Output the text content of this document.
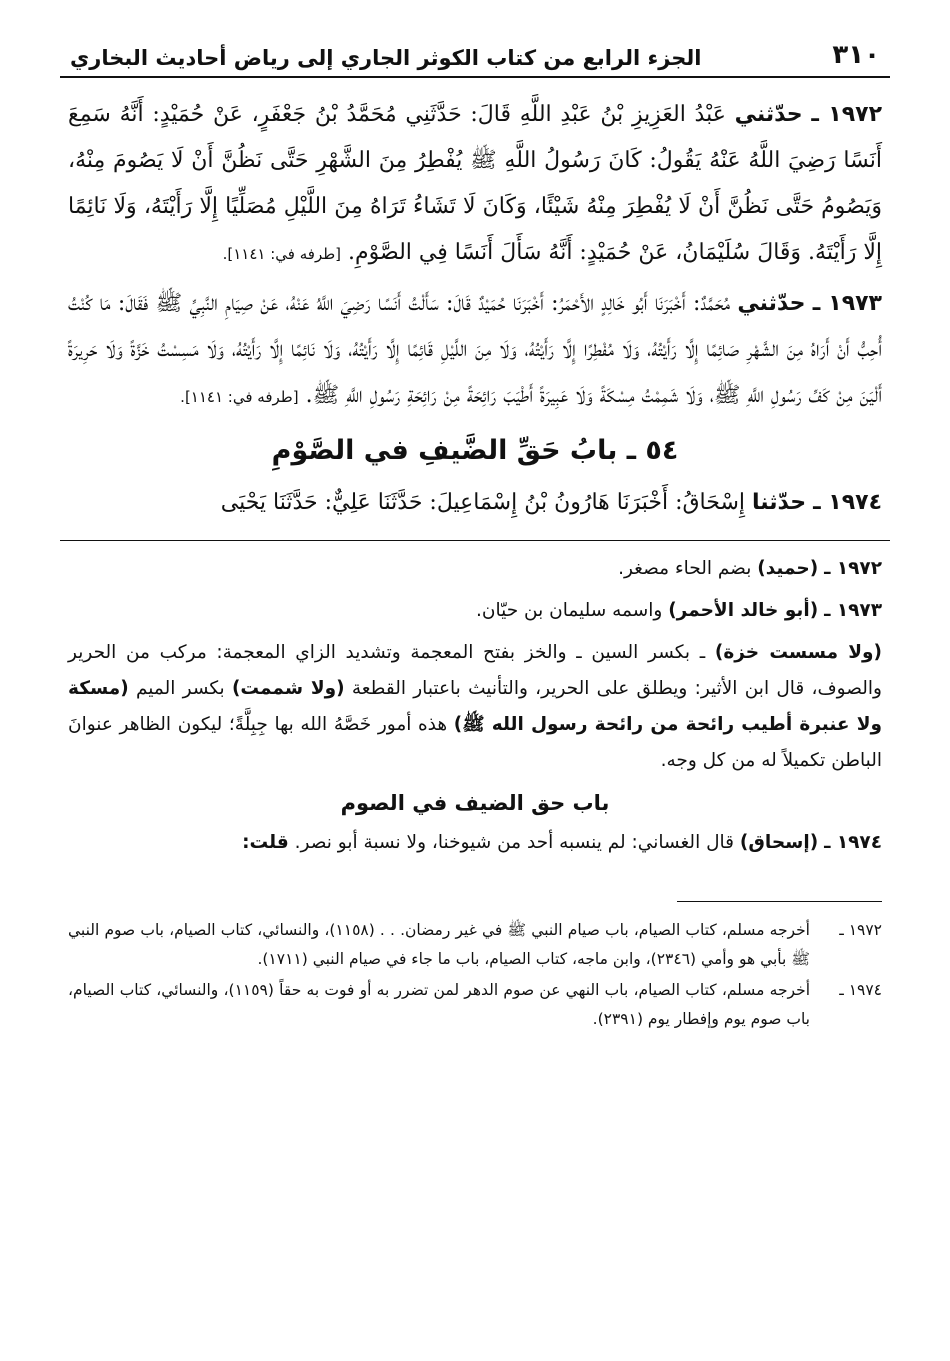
٣١٠
الجزء الرابع من كتاب الكوثر الجاري إلى رياض أحاديث البخاري

١٩٧٢ ـ حدّثني عَبْدُ العَزِيزِ بْنُ عَبْدِ اللَّهِ قَالَ: حَدَّثَنِي مُحَمَّدُ بْنُ جَعْفَرٍ، عَنْ حُمَيْدٍ: أَنَّهُ سَمِعَ أَنَسًا رَضِيَ اللَّهُ عَنْهُ يَقُولُ: كَانَ رَسُولُ اللَّهِ ﷺ يُفْطِرُ مِنَ الشَّهْرِ حَتَّى نَظُنَّ أَنْ لَا يَصُومَ مِنْهُ، وَيَصُومُ حَتَّى نَظُنَّ أَنْ لَا يُفْطِرَ مِنْهُ شَيْئًا، وَكَانَ لَا تَشَاءُ تَرَاهُ مِنَ اللَّيْلِ مُصَلِّيًا إِلَّا رَأَيْتَهُ، وَلَا نَائِمًا إِلَّا رَأَيْتَهُ. وَقَالَ سُلَيْمَانُ، عَنْ حُمَيْدٍ: أَنَّهُ سَأَلَ أَنَسًا فِي الصَّوْمِ. [طرفه في: ١١٤١].

١٩٧٣ ـ حدّثني مُحَمَّدٌ: أَخْبَرَنَا أَبُو خَالِدٍ الأَحْمَرُ: أَخْبَرَنَا حُمَيْدٌ قَالَ: سَأَلْتُ أَنَسًا رَضِيَ اللَّهُ عَنْهُ، عَنْ صِيَامِ النَّبِيِّ ﷺ فَقَالَ: مَا كُنْتُ أُحِبُّ أَنْ أَرَاهُ مِنَ الشَّهْرِ صَائِمًا إِلَّا رَأَيْتُهُ، وَلَا مُفْطِرًا إِلَّا رَأَيْتُهُ، وَلَا مِنَ اللَّيْلِ قَائِمًا إِلَّا رَأَيْتُهُ، وَلَا نَائِمًا إِلَّا رَأَيْتُهُ، وَلَا مَسِسْتُ خَزَّةً وَلَا حَرِيرَةً أَلْيَنَ مِنْ كَفِّ رَسُولِ اللَّهِ ﷺ، وَلَا شَمِمْتُ مِسْكَةً وَلَا عَبِيرَةً أَطْيَبَ رَائِحَةً مِنْ رَائِحَةِ رَسُولِ اللَّهِ ﷺ. [طرفه في: ١١٤١].

٥٤ ـ بابُ حَقِّ الضَّيفِ في الصَّوْمِ

١٩٧٤ ـ حدّثنا إِسْحَاقُ: أَخْبَرَنَا هَارُونُ بْنُ إِسْمَاعِيلَ: حَدَّثَنَا عَلِيٌّ: حَدَّثَنَا يَحْيَى

١٩٧٢ ـ (حميد) بضم الحاء مصغر.

١٩٧٣ ـ (أبو خالد الأحمر) واسمه سليمان بن حيّان.

(ولا مسست خزة) ـ بكسر السين ـ والخز بفتح المعجمة وتشديد الزاي المعجمة: مركب من الحرير والصوف، قال ابن الأثير: ويطلق على الحرير، والتأنيث باعتبار القطعة (ولا شممت) بكسر الميم (مسكة ولا عنبرة أطيب رائحة من رائحة رسول الله ﷺ) هذه أمور خَصَّهُ الله بها جِبِلَّةً؛ ليكون الظاهر عنوانَ الباطن تكميلاً له من كل وجه.

باب حق الضيف في الصوم

١٩٧٤ ـ (إسحاق) قال الغساني: لم ينسبه أحد من شيوخنا، ولا نسبة أبو نصر. قلت:

١٩٧٢ ـ
أخرجه مسلم، كتاب الصيام، باب صيام النبي ﷺ في غير رمضان. . . (١١٥٨)، والنسائي، كتاب الصيام، باب صوم النبي ﷺ بأبي هو وأمي (٢٣٤٦)، وابن ماجه، كتاب الصيام، باب ما جاء في صيام النبي (١٧١١).
١٩٧٤ ـ
أخرجه مسلم، كتاب الصيام، باب النهي عن صوم الدهر لمن تضرر به أو فوت به حقاً (١١٥٩)، والنسائي، كتاب الصيام، باب صوم يوم وإفطار يوم (٢٣٩١).
